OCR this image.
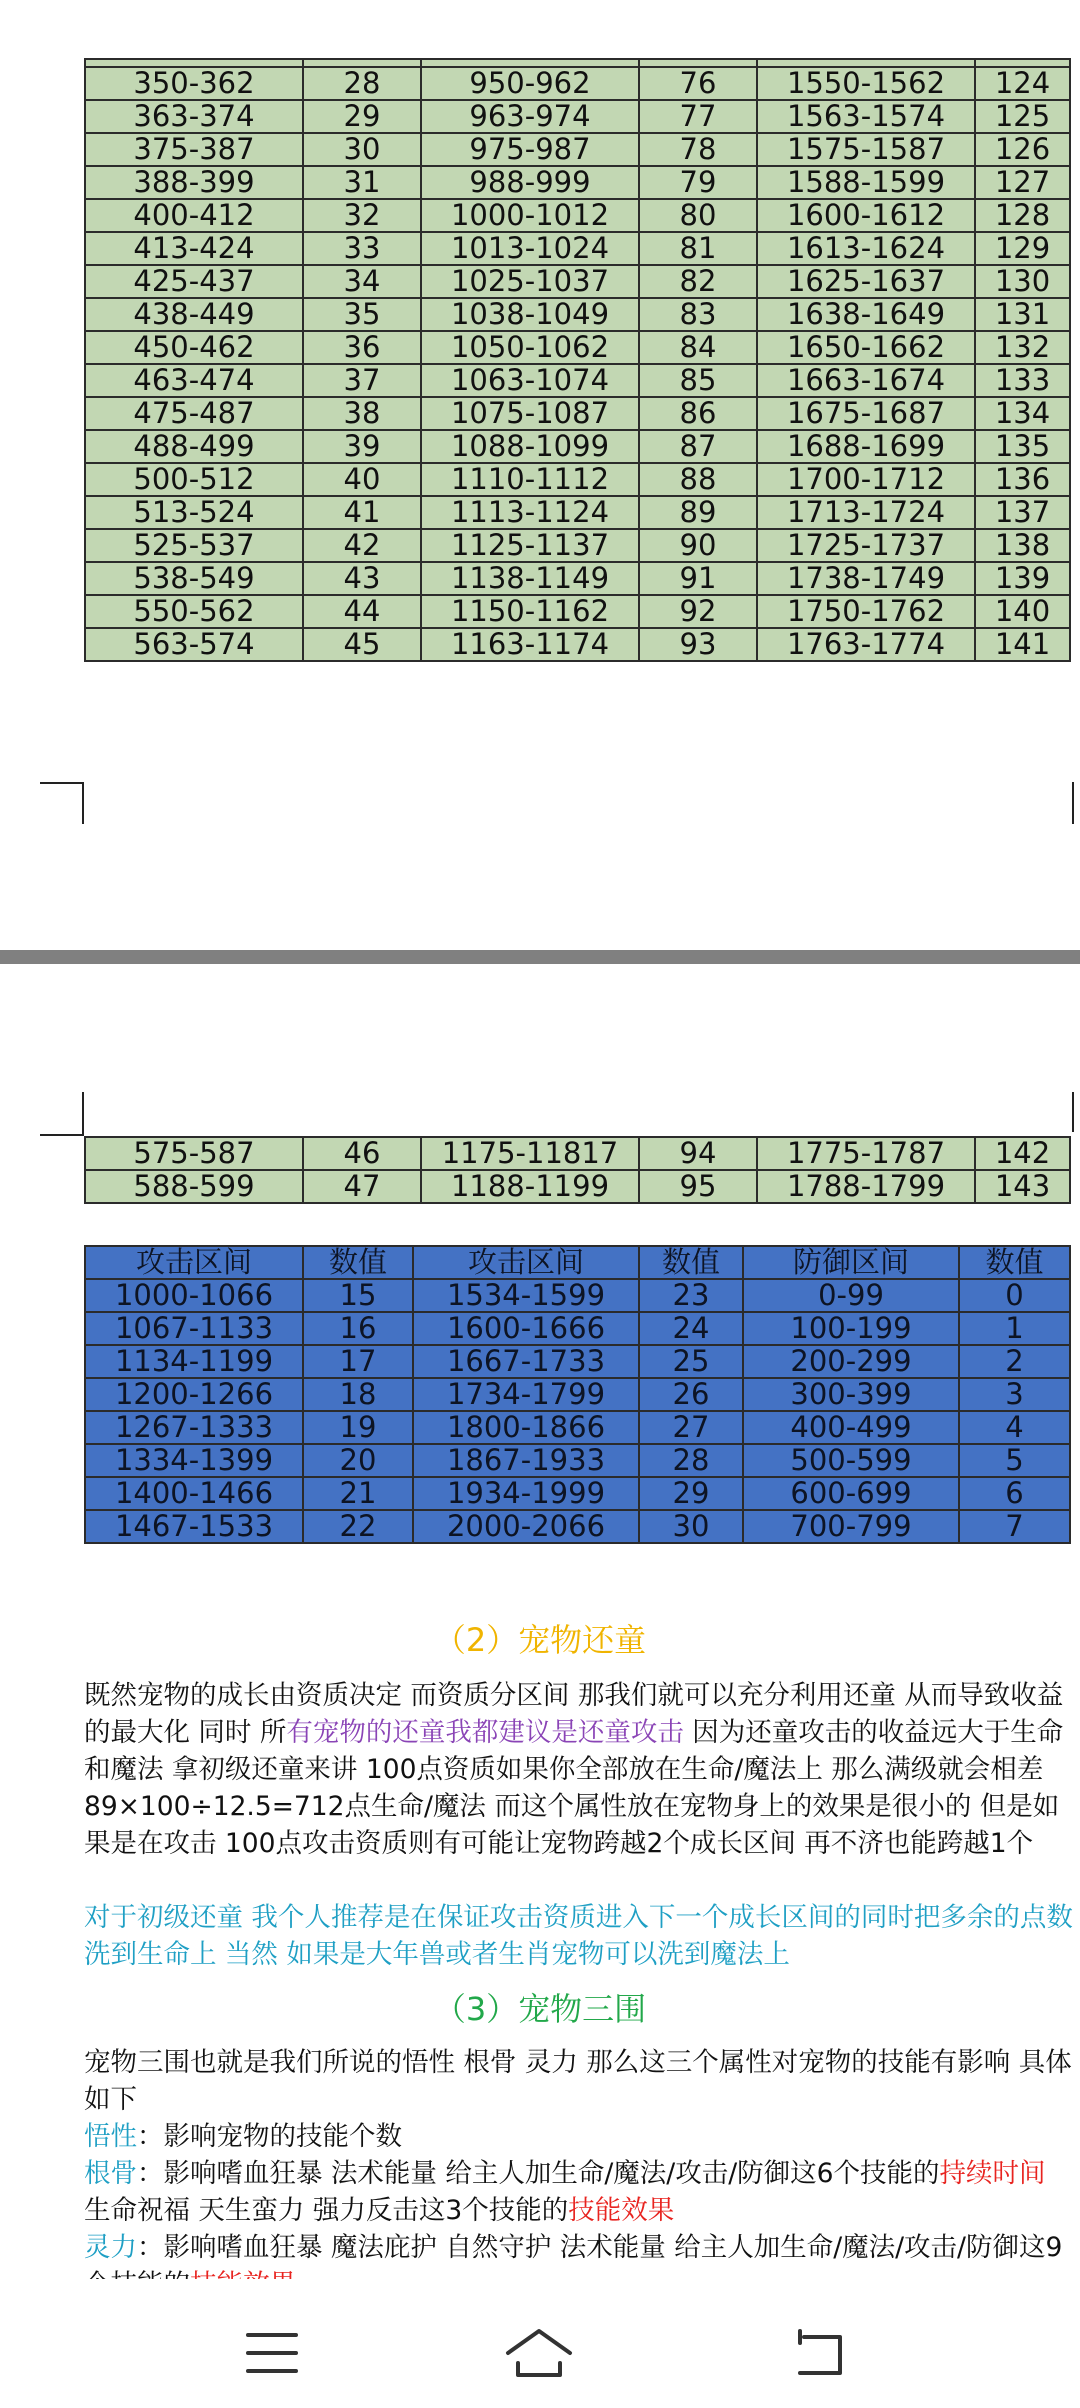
350-362	28	950-962	76	1550-1562	124
363-374	29	963-974	77	1563-1574	125
375-387	30	975-987	78	1575-1587	126
388-399	31	988-999	79	1588-1599	127
400-412	32	1000-1012	80	1600-1612	128
413-424	33	1013-1024	81	1613-1624	129
425-437	34	1025-1037	82	1625-1637	130
438-449	35	1038-1049	83	1638-1649	131
450-462	36	1050-1062	84	1650-1662	132
463-474	37	1063-1074	85	1663-1674	133
475-487	38	1075-1087	86	1675-1687	134
488-499	39	1088-1099	87	1688-1699	135
500-512	40	1110-1112	88	1700-1712	136
513-524	41	1113-1124	89	1713-1724	137
525-537	42	1125-1137	90	1725-1737	138
538-549	43	1138-1149	91	1738-1749	139
550-562	44	1150-1162	92	1750-1762	140
563-574	45	1163-1174	93	1763-1774	141
575-587	46	1175-11817	94	1775-1787	142
588-599	47	1188-1199	95	1788-1799	143
攻击区间	数值	攻击区间	数值	防御区间	数值
1000-1066	15	1534-1599	23	0-99	0
1067-1133	16	1600-1666	24	100-199	1
1134-1199	17	1667-1733	25	200-299	2
1200-1266	18	1734-1799	26	300-399	3
1267-1333	19	1800-1866	27	400-499	4
1334-1399	20	1867-1933	28	500-599	5
1400-1466	21	1934-1999	29	600-699	6
1467-1533	22	2000-2066	30	700-799	7
（2）宠物还童
既然宠物的成长由资质决定 而资质分区间 那我们就可以充分利用还童 从而导致收益的最大化 同时 所有宠物的还童我都建议是还童攻击 因为还童攻击的收益远大于生命和魔法 拿初级还童来讲 100点资质如果你全部放在生命/魔法上 那么满级就会相差89×100÷12.5=712点生命/魔法 而这个属性放在宠物身上的效果是很小的 但是如果是在攻击 100点攻击资质则有可能让宠物跨越2个成长区间 再不济也能跨越1个
对于初级还童 我个人推荐是在保证攻击资质进入下一个成长区间的同时把多余的点数洗到生命上 当然 如果是大年兽或者生肖宠物可以洗到魔法上
（3）宠物三围
宠物三围也就是我们所说的悟性 根骨 灵力 那么这三个属性对宠物的技能有影响 具体如下
悟性：影响宠物的技能个数
根骨：影响嗜血狂暴 法术能量 给主人加生命/魔法/攻击/防御这6个技能的持续时间 生命祝福 天生蛮力 强力反击这3个技能的技能效果
灵力：影响嗜血狂暴 魔法庇护 自然守护 法术能量 给主人加生命/魔法/攻击/防御这9
